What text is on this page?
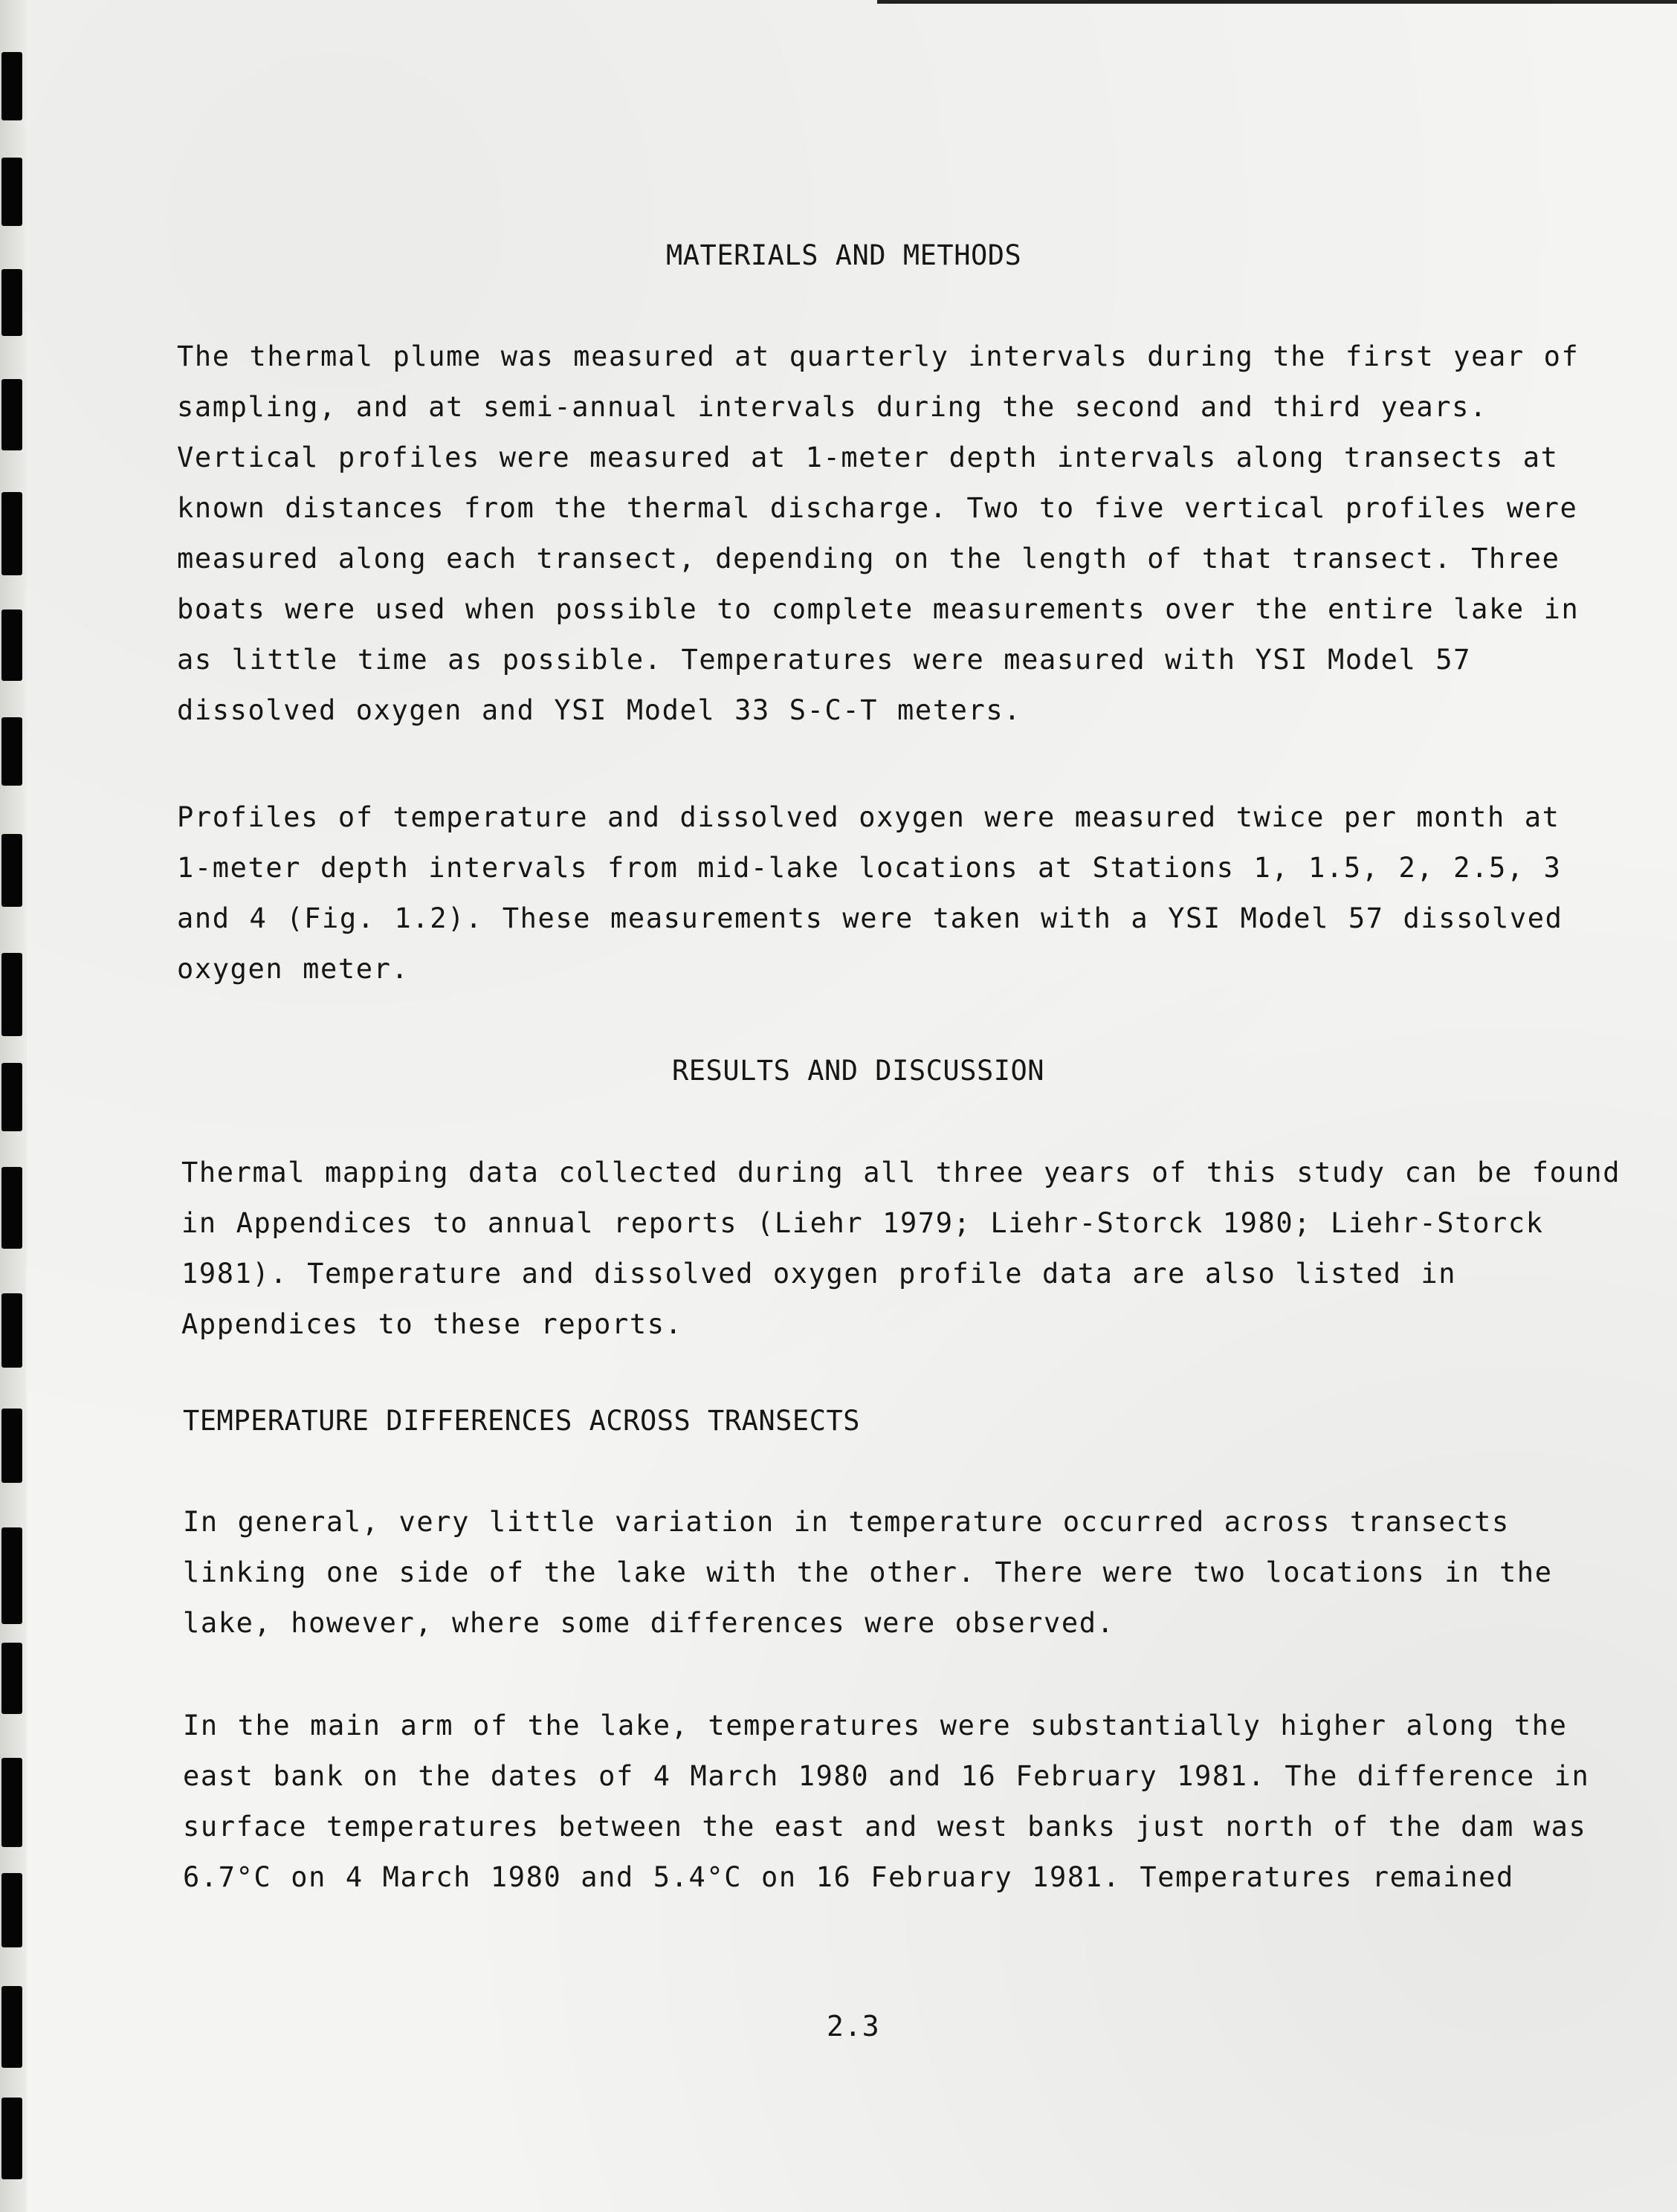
MATERIALS AND METHODS
The thermal plume was measured at quarterly intervals during the first year of
sampling, and at semi-annual intervals during the second and third years.
Vertical profiles were measured at 1-meter depth intervals along transects at
known distances from the thermal discharge. Two to five vertical profiles were
measured along each transect, depending on the length of that transect. Three
boats were used when possible to complete measurements over the entire lake in
as little time as possible. Temperatures were measured with YSI Model 57
dissolved oxygen and YSI Model 33 S-C-T meters.
Profiles of temperature and dissolved oxygen were measured twice per month at
1-meter depth intervals from mid-lake locations at Stations 1, 1.5, 2, 2.5, 3
and 4 (Fig. 1.2). These measurements were taken with a YSI Model 57 dissolved
oxygen meter.
RESULTS AND DISCUSSION
Thermal mapping data collected during all three years of this study can be found
in Appendices to annual reports (Liehr 1979; Liehr-Storck 1980; Liehr-Storck
1981). Temperature and dissolved oxygen profile data are also listed in
Appendices to these reports.
TEMPERATURE DIFFERENCES ACROSS TRANSECTS
In general, very little variation in temperature occurred across transects
linking one side of the lake with the other. There were two locations in the
lake, however, where some differences were observed.
In the main arm of the lake, temperatures were substantially higher along the
east bank on the dates of 4 March 1980 and 16 February 1981. The difference in
surface temperatures between the east and west banks just north of the dam was
6.7°C on 4 March 1980 and 5.4°C on 16 February 1981. Temperatures remained
2.3
